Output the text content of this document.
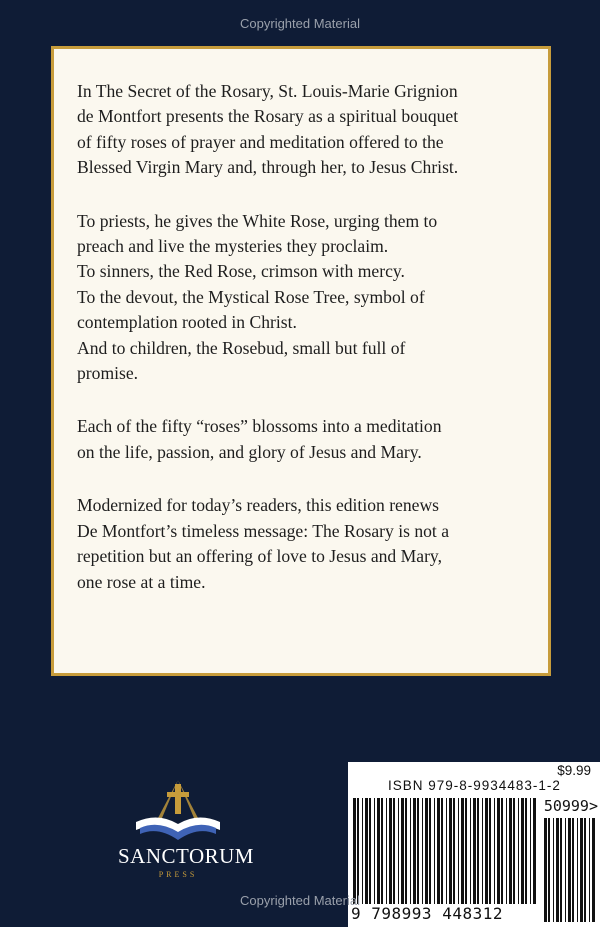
Copyrighted Material

In The Secret of the Rosary, St. Louis-Marie Grignion
de Montfort presents the Rosary as a spiritual bouquet
of fifty roses of prayer and meditation offered to the
Blessed Virgin Mary and, through her, to Jesus Christ.

To priests, he gives the White Rose, urging them to
preach and live the mysteries they proclaim.
To sinners, the Red Rose, crimson with mercy.
To the devout, the Mystical Rose Tree, symbol of
contemplation rooted in Christ.
And to children, the Rosebud, small but full of
promise.

Each of the fifty “roses” blossoms into a meditation
on the life, passion, and glory of Jesus and Mary.

Modernized for today’s readers, this edition renews
De Montfort’s timeless message: The Rosary is not a
repetition but an offering of love to Jesus and Mary,
one rose at a time.

SANCTORUM
PRESS
$9.99
ISBN 979-8-9934483-1-2
50999>
9 798993 448312
Copyrighted Material
